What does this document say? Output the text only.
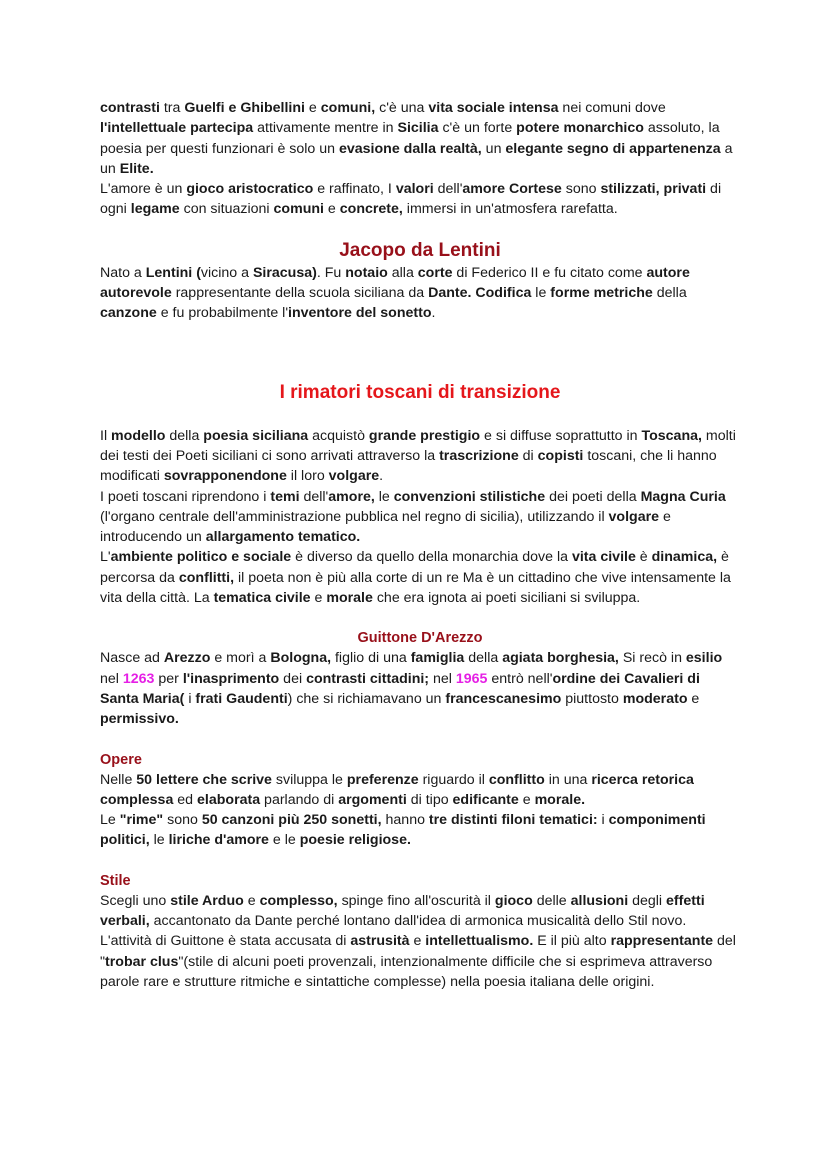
contrasti tra Guelfi e Ghibellini e comuni, c'è una vita sociale intensa nei comuni dove l'intellettuale partecipa attivamente mentre in Sicilia c'è un forte potere monarchico assoluto, la poesia per questi funzionari è solo un evasione dalla realtà, un elegante segno di appartenenza a un Elite.

L'amore è un gioco aristocratico e raffinato, I valori dell'amore Cortese sono stilizzati, privati di ogni legame con situazioni comuni e concrete, immersi in un'atmosfera rarefatta.

Jacopo da Lentini

Nato a Lentini (vicino a Siracusa). Fu notaio alla corte di Federico II e fu citato come autore autorevole rappresentante della scuola siciliana da Dante. Codifica le forme metriche della canzone e fu probabilmente l'inventore del sonetto.

I rimatori toscani di transizione

Il modello della poesia siciliana acquistò grande prestigio e si diffuse soprattutto in Toscana, molti dei testi dei Poeti siciliani ci sono arrivati attraverso la trascrizione di copisti toscani, che li hanno modificati sovrapponendone il loro volgare.

I poeti toscani riprendono i temi dell'amore, le convenzioni stilistiche dei poeti della Magna Curia (l'organo centrale dell'amministrazione pubblica nel regno di sicilia), utilizzando il volgare e introducendo un allargamento tematico.

L'ambiente politico e sociale è diverso da quello della monarchia dove la vita civile è dinamica, è percorsa da conflitti, il poeta non è più alla corte di un re Ma è un cittadino che vive intensamente la vita della città. La tematica civile e morale che era ignota ai poeti siciliani si sviluppa.

Guittone D'Arezzo

Nasce ad Arezzo e morì a Bologna, figlio di una famiglia della agiata borghesia, Si recò in esilio nel 1263 per l'inasprimento dei contrasti cittadini; nel 1965 entrò nell'ordine dei Cavalieri di Santa Maria( i frati Gaudenti) che si richiamavano un francescanesimo piuttosto moderato e permissivo.

Opere

Nelle 50 lettere che scrive sviluppa le preferenze riguardo il conflitto in una ricerca retorica complessa ed elaborata parlando di argomenti di tipo edificante e morale.

Le "rime" sono 50 canzoni più 250 sonetti, hanno tre distinti filoni tematici: i componimenti politici, le liriche d'amore e le poesie religiose.

Stile

Scegli uno stile Arduo e complesso, spinge fino all'oscurità il gioco delle allusioni degli effetti verbali, accantonato da Dante perché lontano dall'idea di armonica musicalità dello Stil novo. L'attività di Guittone è stata accusata di astrusità e intellettualismo. E il più alto rappresentante del "trobar clus"(stile di alcuni poeti provenzali, intenzionalmente difficile che si esprimeva attraverso parole rare e strutture ritmiche e sintattiche complesse) nella poesia italiana delle origini.
